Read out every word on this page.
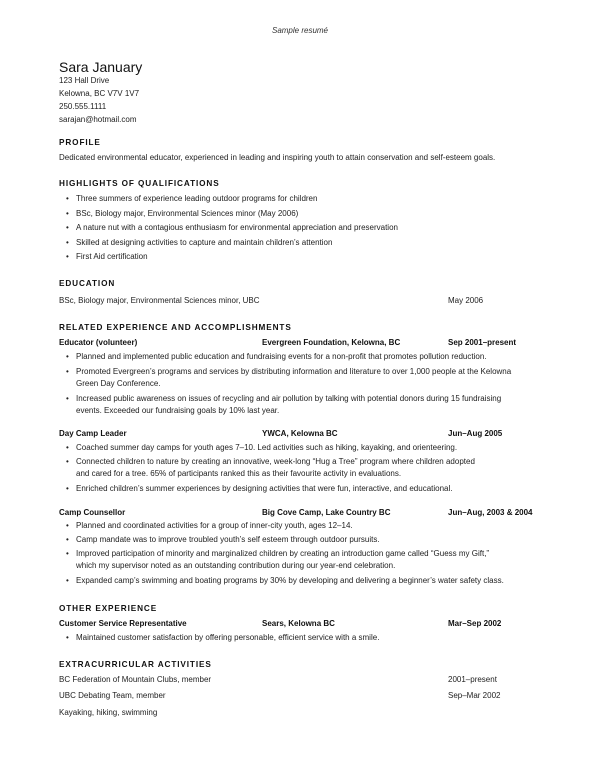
Sample resumé
Sara January
123 Hall Drive
Kelowna, BC V7V 1V7
250.555.1111
sarajan@hotmail.com
PROFILE
Dedicated environmental educator, experienced in leading and inspiring youth to attain conservation and self-esteem goals.
HIGHLIGHTS OF QUALIFICATIONS
• Three summers of experience leading outdoor programs for children
• BSc, Biology major, Environmental Sciences minor (May 2006)
• A nature nut with a contagious enthusiasm for environmental appreciation and preservation
• Skilled at designing activities to capture and maintain children’s attention
• First Aid certification
EDUCATION
BSc, Biology major, Environmental Sciences minor, UBC	May 2006
RELATED EXPERIENCE AND ACCOMPLISHMENTS
Educator (volunteer)	Evergreen Foundation, Kelowna, BC	Sep 2001–present
• Planned and implemented public education and fundraising events for a non-profit that promotes pollution reduction.
• Promoted Evergreen’s programs and services by distributing information and literature to over 1,000 people at the Kelowna
Green Day Conference.
• Increased public awareness on issues of recycling and air pollution by talking with potential donors during 15 fundraising
events. Exceeded our fundraising goals by 10% last year.
Day Camp Leader	YWCA, Kelowna BC	Jun–Aug 2005
• Coached summer day camps for youth ages 7–10. Led activities such as hiking, kayaking, and orienteering.
• Connected children to nature by creating an innovative, week-long “Hug a Tree” program where children adopted
and cared for a tree. 65% of participants ranked this as their favourite activity in evaluations.
• Enriched children’s summer experiences by designing activities that were fun, interactive, and educational.
Camp Counsellor	Big Cove Camp, Lake Country BC	Jun–Aug, 2003 & 2004
• Planned and coordinated activities for a group of inner-city youth, ages 12–14.
• Camp mandate was to improve troubled youth’s self esteem through outdoor pursuits.
• Improved participation of minority and marginalized children by creating an introduction game called “Guess my Gift,”
which my supervisor noted as an outstanding contribution during our year-end celebration.
• Expanded camp’s swimming and boating programs by 30% by developing and delivering a beginner’s water safety class.
OTHER EXPERIENCE
Customer Service Representative	Sears, Kelowna BC	Mar–Sep 2002
• Maintained customer satisfaction by offering personable, efficient service with a smile.
EXTRACURRICULAR ACTIVITIES
BC Federation of Mountain Clubs, member	2001–present
UBC Debating Team, member	Sep–Mar 2002
Kayaking, hiking, swimming
